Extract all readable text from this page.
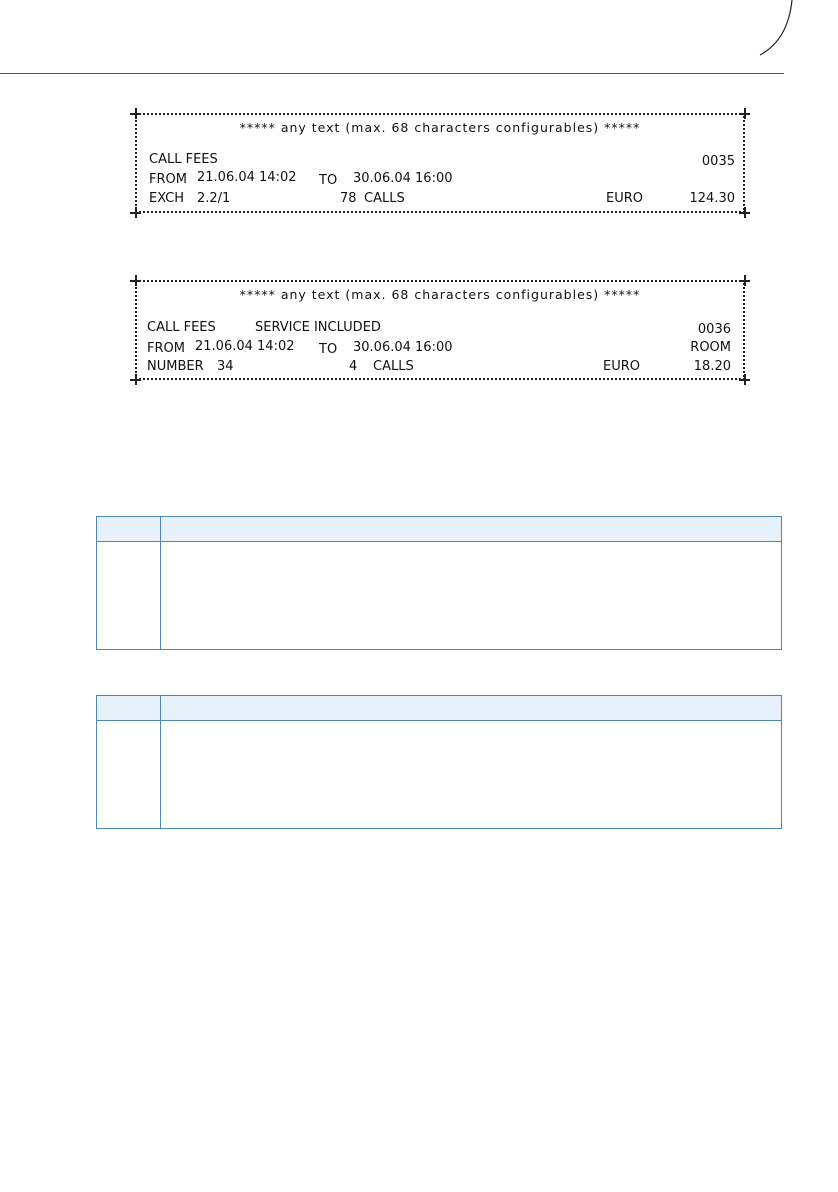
***** any text (max. 68 characters configurables) *****
CALL FEES	0035
FROM 21.06.04 14:02 TO 30.06.04 16:00
EXCH 2.2/1	78 CALLS	EURO	124.30
***** any text (max. 68 characters configurables) *****
CALL FEES	SERVICE INCLUDED	0036
FROM 21.06.04 14:02 TO 30.06.04 16:00	ROOM
NUMBER 34	4 CALLS	EURO	18.20
